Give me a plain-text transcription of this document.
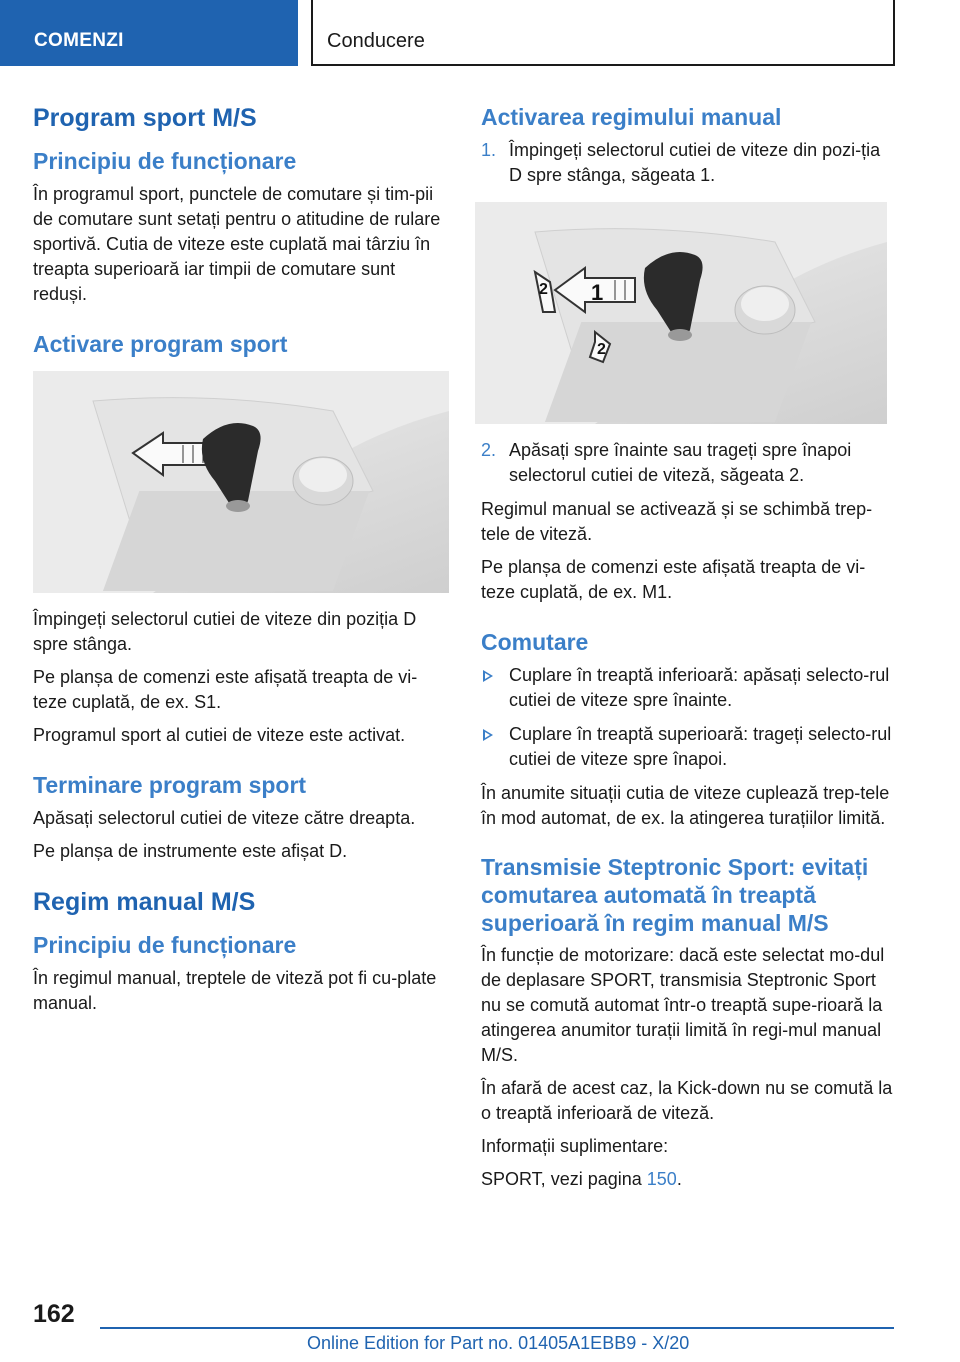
COMENZI	Conducere
Program sport M/S
Principiu de funcționare

În programul sport, punctele de comutare și tim-pii de comutare sunt setați pentru o atitudine de rulare sportivă. Cutia de viteze este cuplată mai târziu în treapta superioară iar timpii de comutare sunt reduși.

Activare program sport

Împingeți selectorul cutiei de viteze din poziția D spre stânga.

Pe planșa de comenzi este afișată treapta de vi-teze cuplată, de ex. S1.

Programul sport al cutiei de viteze este activat.

Terminare program sport

Apăsați selectorul cutiei de viteze către dreapta.

Pe planșa de instrumente este afișat D.

Regim manual M/S
Principiu de funcționare

În regimul manual, treptele de viteză pot fi cu-plate manual.

Activarea regimului manual
1. Împingeți selectorul cutiei de viteze din pozi-ția D spre stânga, săgeata 1.
1
2
2
2. Apăsați spre înainte sau trageți spre înapoi selectorul cutiei de viteză, săgeata 2.

Regimul manual se activează și se schimbă trep-tele de viteză.

Pe planșa de comenzi este afișată treapta de vi-teze cuplată, de ex. M1.

Comutare
Cuplare în treaptă inferioară: apăsați selecto-rul cutiei de viteze spre înainte.
Cuplare în treaptă superioară: trageți selecto-rul cutiei de viteze spre înapoi.

În anumite situații cutia de viteze cuplează trep-tele în mod automat, de ex. la atingerea turațiilor limită.

Transmisie Steptronic Sport: evitați comutarea automată în treaptă superioară în regim manual M/S

În funcție de motorizare: dacă este selectat mo-dul de deplasare SPORT, transmisia Steptronic Sport nu se comută automat într-o treaptă supe-rioară la atingerea anumitor turații limită în regi-mul manual M/S.

În afară de acest caz, la Kick-down nu se comută la o treaptă inferioară de viteză.

Informații suplimentare:

SPORT, vezi pagina 150.

162
Online Edition for Part no. 01405A1EBB9 - X/20
